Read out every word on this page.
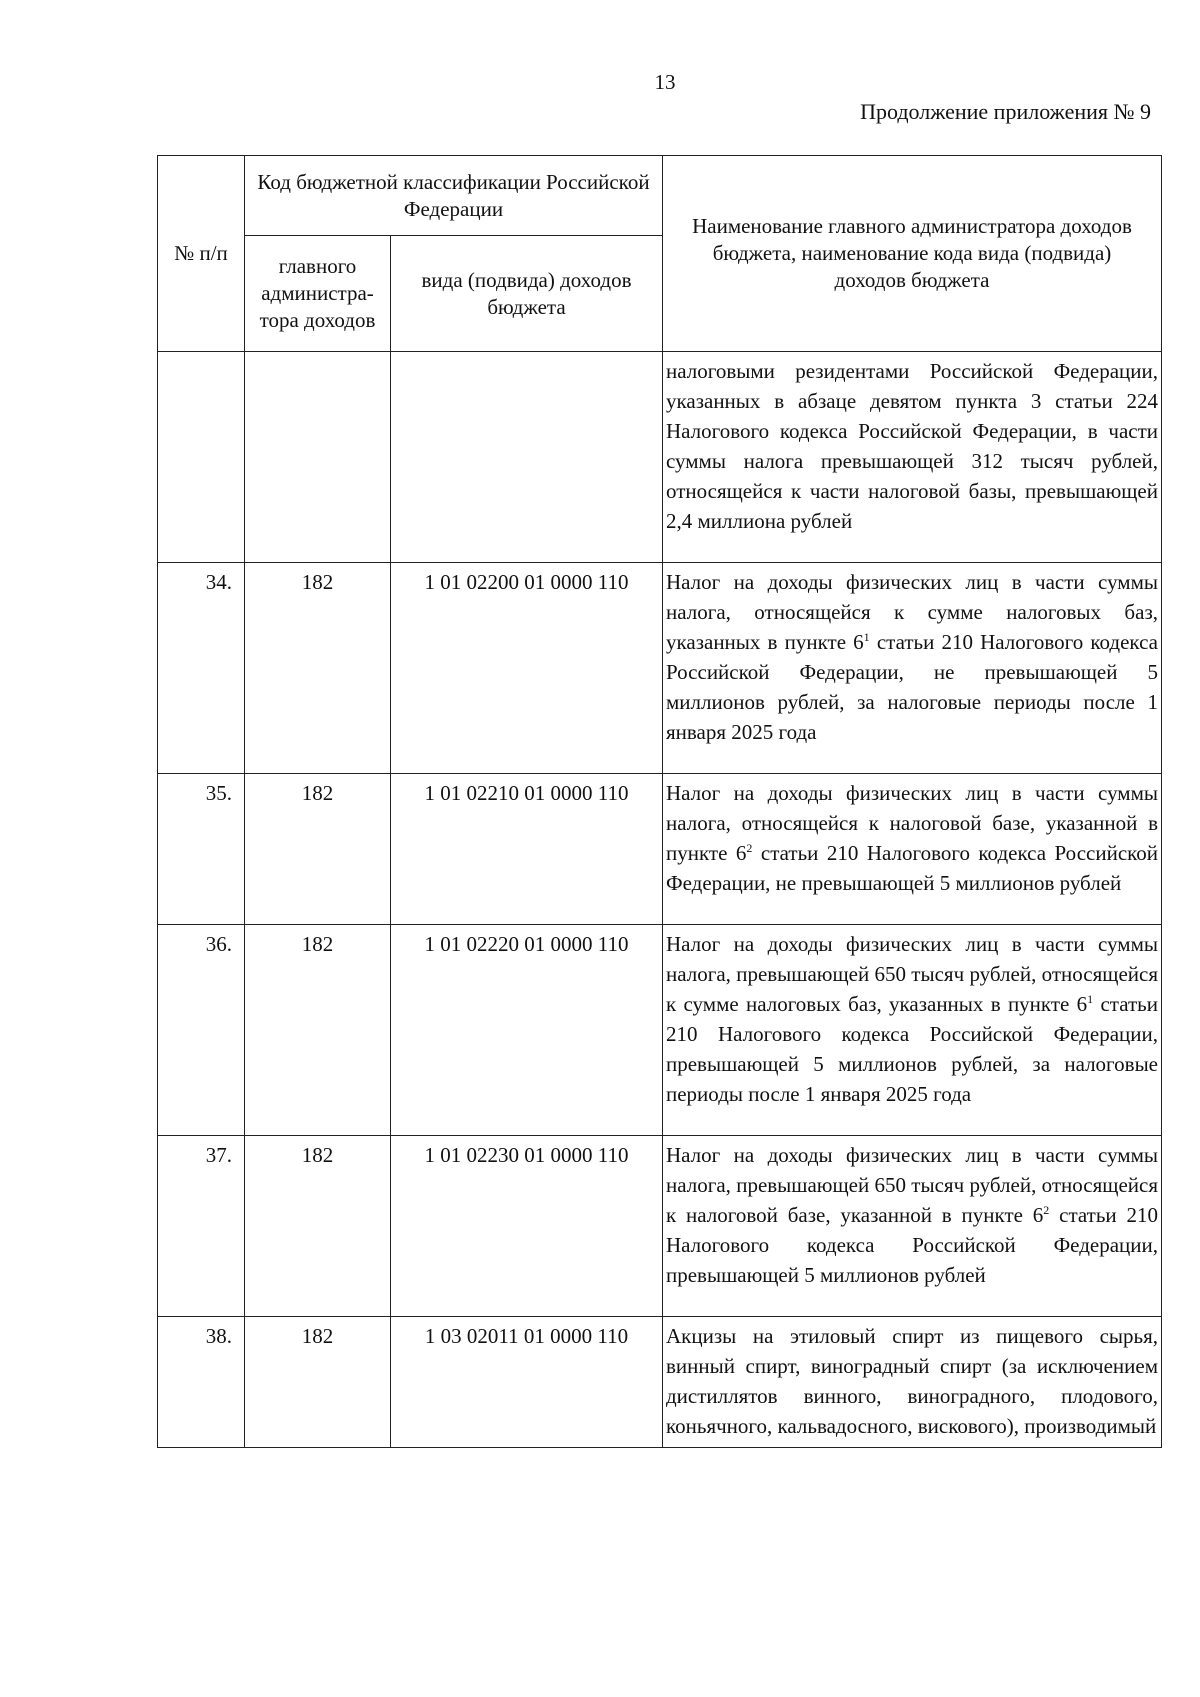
13
Продолжение приложения № 9
№ п/п	Код бюджетной классификации Российской Федерации		Наименование главного администратора доходов бюджета, наименование кода вида (подвида) доходов бюджета
	главного администра-тора доходов	вида (подвида) доходов бюджета	
			налоговыми резидентами Российской Федерации, указанных в абзаце девятом пункта 3 статьи 224 Налогового кодекса Российской Федерации, в части суммы налога превышающей 312 тысяч рублей, относящейся к части налоговой базы, превышающей 2,4 миллиона рублей
34.	182	1 01 02200 01 0000 110	Налог на доходы физических лиц в части суммы налога, относящейся к сумме налоговых баз, указанных в пункте $6^1$ статьи 210 Налогового кодекса Российской Федерации, не превышающей 5 миллионов рублей, за налоговые периоды после 1 января 2025 года
35.	182	1 01 02210 01 0000 110	Налог на доходы физических лиц в части суммы налога, относящейся к налоговой базе, указанной в пункте $6^2$ статьи 210 Налогового кодекса Российской Федерации, не превышающей 5 миллионов рублей
36.	182	1 01 02220 01 0000 110	Налог на доходы физических лиц в части суммы налога, превышающей 650 тысяч рублей, относящейся к сумме налоговых баз, указанных в пункте $6^1$ статьи 210 Налогового кодекса Российской Федерации, превышающей 5 миллионов рублей, за налоговые периоды после 1 января 2025 года
37.	182	1 01 02230 01 0000 110	Налог на доходы физических лиц в части суммы налога, превышающей 650 тысяч рублей, относящейся к налоговой базе, указанной в пункте $6^2$ статьи 210 Налогового кодекса Российской Федерации, превышающей 5 миллионов рублей
38.	182	1 03 02011 01 0000 110	Акцизы на этиловый спирт из пищевого сырья, винный спирт, виноградный спирт (за исключением дистиллятов винного, виноградного, плодового, коньячного, кальвадосного, вискового), производимый
